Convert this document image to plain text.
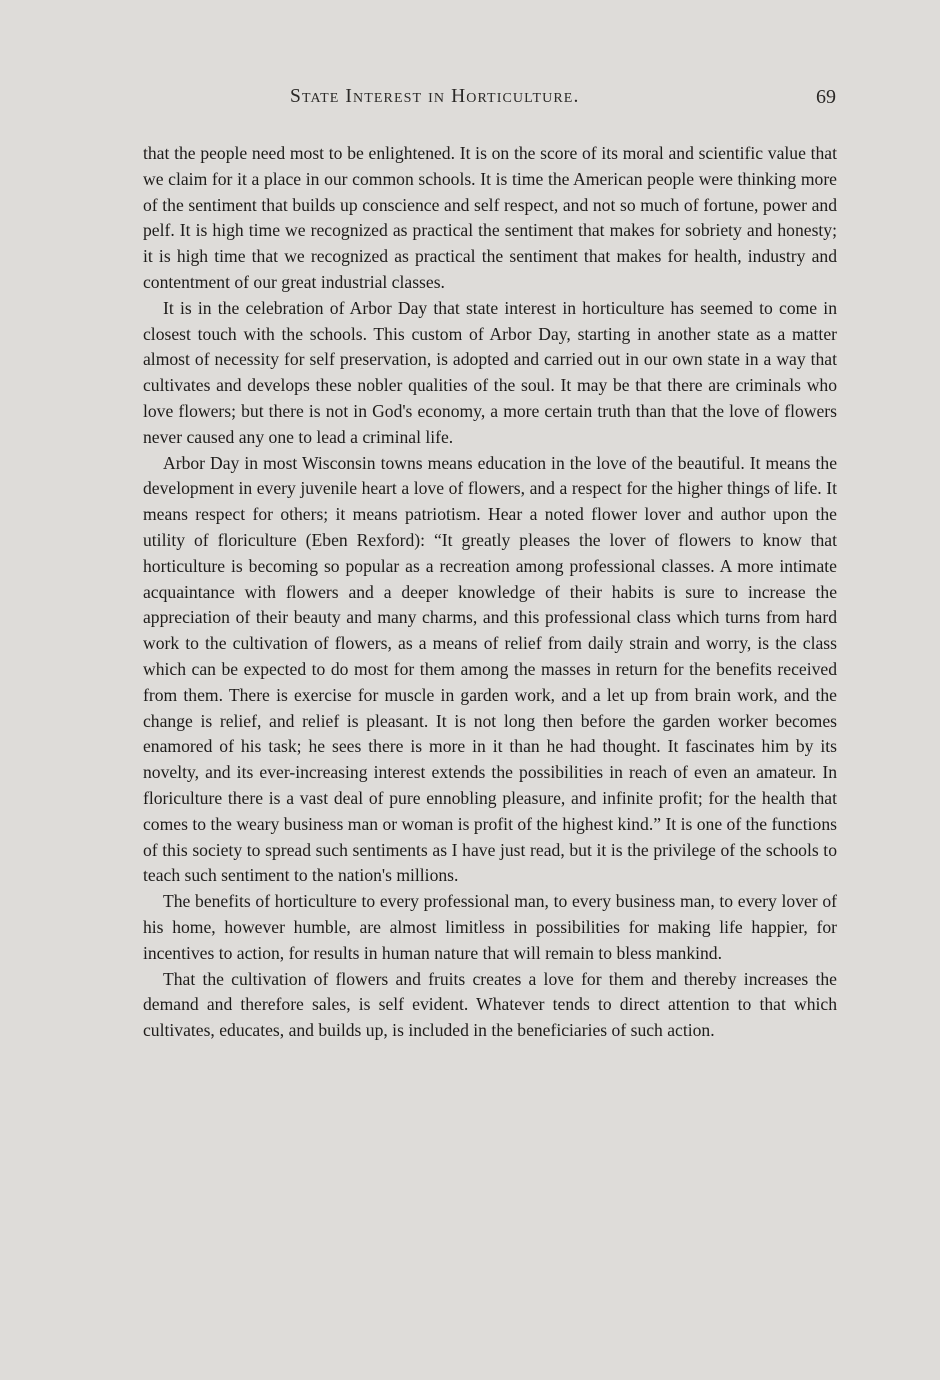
State Interest in Horticulture.	69

that the people need most to be enlightened. It is on the score of its moral and scientific value that we claim for it a place in our common schools. It is time the American people were thinking more of the sentiment that builds up conscience and self respect, and not so much of fortune, power and pelf. It is high time we recognized as practical the sentiment that makes for sobriety and honesty; it is high time that we recognized as practical the sentiment that makes for health, industry and contentment of our great industrial classes.

It is in the celebration of Arbor Day that state interest in horticulture has seemed to come in closest touch with the schools. This custom of Arbor Day, starting in another state as a matter almost of necessity for self preservation, is adopted and carried out in our own state in a way that cultivates and develops these nobler qualities of the soul. It may be that there are criminals who love flowers; but there is not in God's economy, a more certain truth than that the love of flowers never caused any one to lead a criminal life.

Arbor Day in most Wisconsin towns means education in the love of the beautiful. It means the development in every juvenile heart a love of flowers, and a respect for the higher things of life. It means respect for others; it means patriotism. Hear a noted flower lover and author upon the utility of floriculture (Eben Rexford): “It greatly pleases the lover of flowers to know that horticulture is becoming so popular as a recreation among professional classes. A more intimate acquaintance with flowers and a deeper knowledge of their habits is sure to increase the appreciation of their beauty and many charms, and this professional class which turns from hard work to the cultivation of flowers, as a means of relief from daily strain and worry, is the class which can be expected to do most for them among the masses in return for the benefits received from them. There is exercise for muscle in garden work, and a let up from brain work, and the change is relief, and relief is pleasant. It is not long then before the garden worker becomes enamored of his task; he sees there is more in it than he had thought. It fascinates him by its novelty, and its ever-increasing interest extends the possibilities in reach of even an amateur. In floriculture there is a vast deal of pure ennobling pleasure, and infinite profit; for the health that comes to the weary business man or woman is profit of the highest kind.” It is one of the functions of this society to spread such sentiments as I have just read, but it is the privilege of the schools to teach such sentiment to the nation's millions.

The benefits of horticulture to every professional man, to every business man, to every lover of his home, however humble, are almost limitless in possibilities for making life happier, for incentives to action, for results in human nature that will remain to bless mankind.

That the cultivation of flowers and fruits creates a love for them and thereby increases the demand and therefore sales, is self evident. Whatever tends to direct attention to that which cultivates, educates, and builds up, is included in the beneficiaries of such action.
